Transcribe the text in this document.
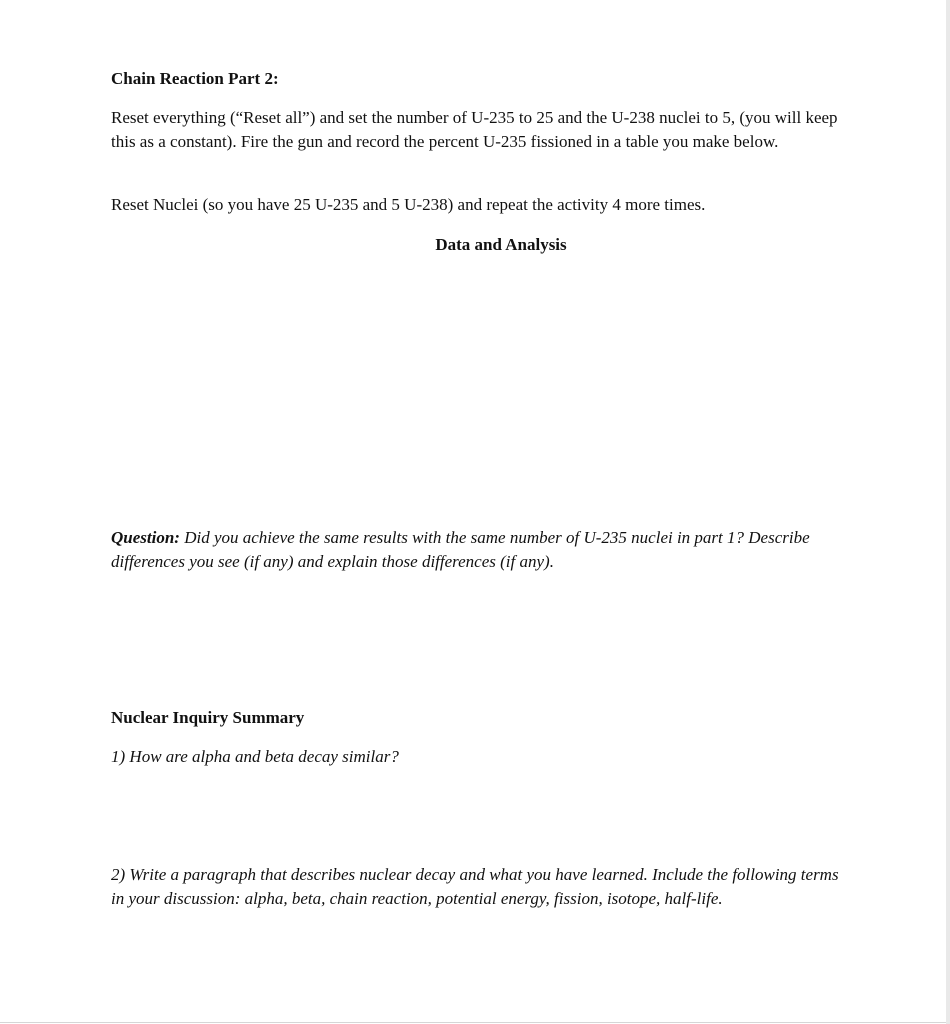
Chain Reaction Part 2:
Reset everything (“Reset all”) and set the number of U-235 to 25 and the U-238 nuclei to 5, (you will keep this as a constant). Fire the gun and record the percent U-235 fissioned in a table you make below.
Reset Nuclei (so you have 25 U-235 and 5 U-238) and repeat the activity 4 more times.
Data and Analysis
Question: Did you achieve the same results with the same number of U-235 nuclei in part 1? Describe differences you see (if any) and explain those differences (if any).
Nuclear Inquiry Summary
1) How are alpha and beta decay similar?
2) Write a paragraph that describes nuclear decay and what you have learned. Include the following terms in your discussion: alpha, beta, chain reaction, potential energy, fission, isotope, half-life.
